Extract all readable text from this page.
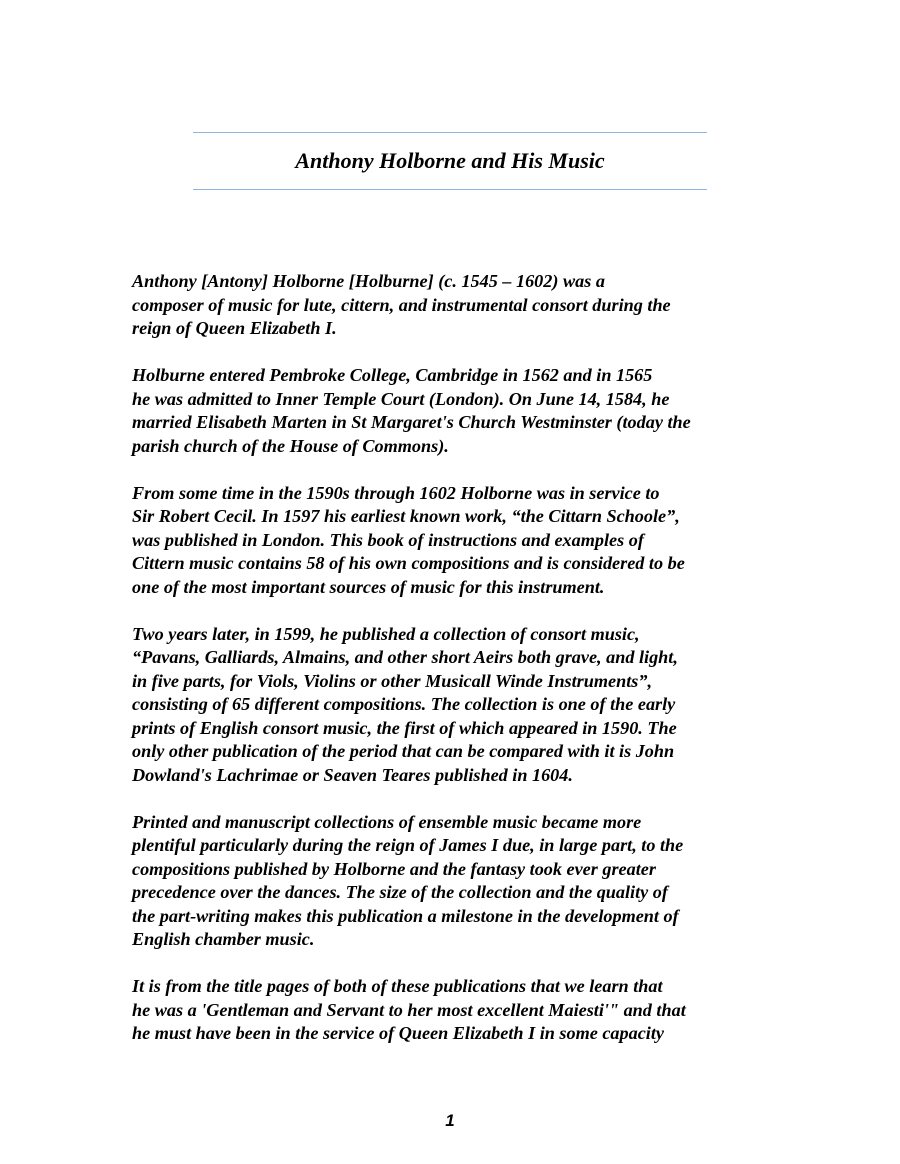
Anthony Holborne and His Music

Anthony [Antony] Holborne [Holburne] (c. 1545 – 1602) was a
composer of music for lute, cittern, and instrumental consort during the
reign of Queen Elizabeth I.

Holburne entered Pembroke College, Cambridge in 1562 and in 1565
he was admitted to Inner Temple Court (London). On June 14, 1584, he
married Elisabeth Marten in St Margaret's Church Westminster (today the
parish church of the House of Commons).

From some time in the 1590s through 1602 Holborne was in service to
Sir Robert Cecil. In 1597 his earliest known work, “the Cittarn Schoole”,
was published in London. This book of instructions and examples of
Cittern music contains 58 of his own compositions and is considered to be
one of the most important sources of music for this instrument.

Two years later, in 1599, he published a collection of consort music,
“Pavans, Galliards, Almains, and other short Aeirs both grave, and light,
in five parts, for Viols, Violins or other Musicall Winde Instruments”,
consisting of 65 different compositions. The collection is one of the early
prints of English consort music, the first of which appeared in 1590. The
only other publication of the period that can be compared with it is John
Dowland's Lachrimae or Seaven Teares published in 1604.

Printed and manuscript collections of ensemble music became more
plentiful particularly during the reign of James I due, in large part, to the
compositions published by Holborne and the fantasy took ever greater
precedence over the dances. The size of the collection and the quality of
the part-writing makes this publication a milestone in the development of
English chamber music.

It is from the title pages of both of these publications that we learn that
he was a 'Gentleman and Servant to her most excellent Maiesti'" and that
he must have been in the service of Queen Elizabeth I in some capacity

1
